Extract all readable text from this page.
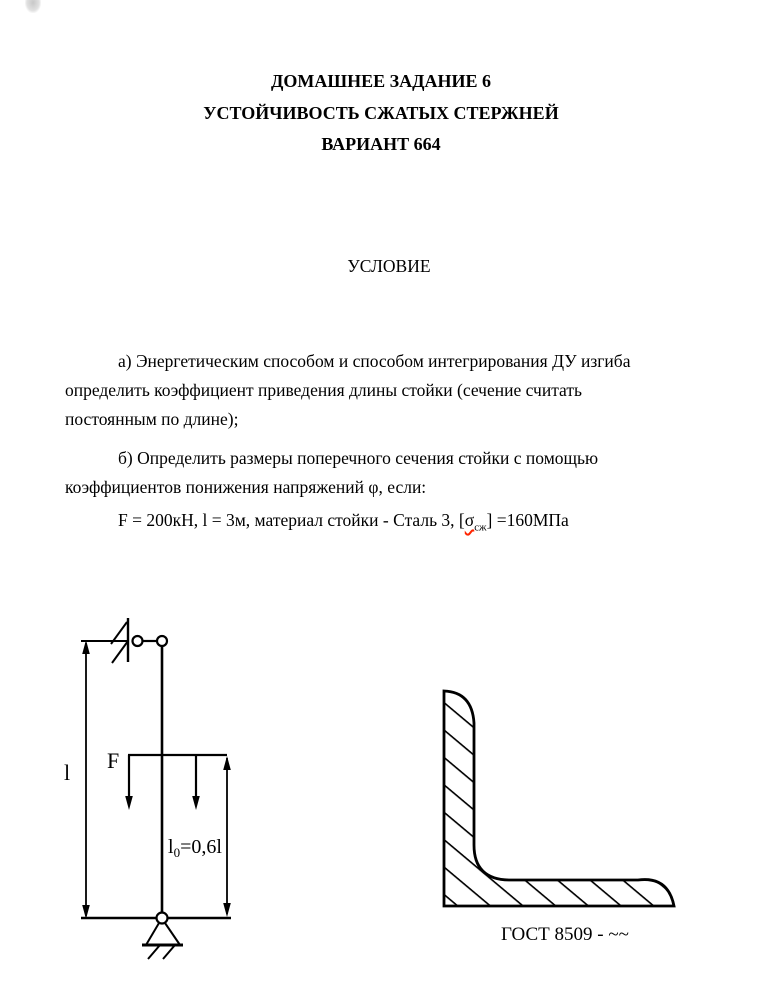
ДОМАШНЕЕ ЗАДАНИЕ 6
УСТОЙЧИВОСТЬ СЖАТЫХ СТЕРЖНЕЙ
ВАРИАНТ 664
УСЛОВИЕ
а) Энергетическим способом и способом интегрирования ДУ изгиба
определить коэффициент приведения длины стойки (сечение считать
постоянным по длине);
б) Определить размеры поперечного сечения стойки с помощью
коэффициентов понижения напряжений φ, если:
F = 200кН, l = 3м, материал стойки - Сталь 3, $[\sigma_{сж}] =160МПа$
l F
$l_0=0,6l$
ГОСТ 8509 - ~~
